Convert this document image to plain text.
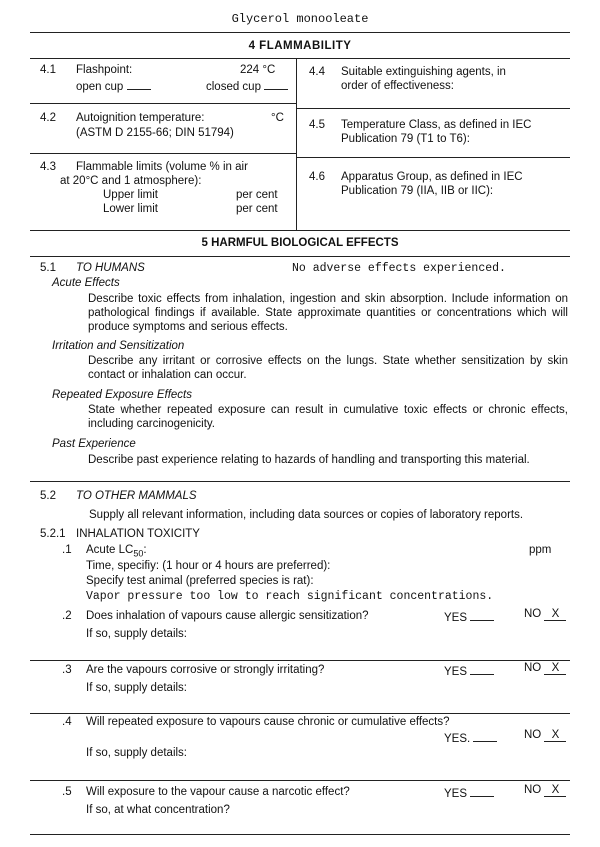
Glycerol monooleate
4 FLAMMABILITY
4.1 Flashpoint:	224 °C
open cup	closed cup
4.2 Autoignition temperature:	°C
(ASTM D 2155-66; DIN 51794)
4.3 Flammable limits (volume % in air
at 20°C and 1 atmosphere):
Upper limit	per cent
Lower limit	per cent
4.4 Suitable extinguishing agents, in
order of effectiveness:
4.5 Temperature Class, as defined in IEC
Publication 79 (T1 to T6):
4.6 Apparatus Group, as defined in IEC
Publication 79 (IIA, IIB or IIC):
5 HARMFUL BIOLOGICAL EFFECTS
5.1 TO HUMANS	No adverse effects experienced.
Acute Effects
Describe toxic effects from inhalation, ingestion and skin absorption. Include information on pathological findings if available. State approximate quantities or concentrations which will produce symptoms and serious effects.
Irritation and Sensitization
Describe any irritant or corrosive effects on the lungs. State whether sensitization by skin contact or inhalation can occur.
Repeated Exposure Effects
State whether repeated exposure can result in cumulative toxic effects or chronic effects, including carcinogenicity.
Past Experience
Describe past experience relating to hazards of handling and transporting this material.
5.2 TO OTHER MAMMALS
Supply all relevant information, including data sources or copies of laboratory reports.
5.2.1 INHALATION TOXICITY
.1 Acute $LC_{50}$:	ppm
Time, specifiy: (1 hour or 4 hours are preferred):
Specify test animal (preferred species is rat):
Vapor pressure too low to reach significant concentrations.
.2 Does inhalation of vapours cause allergic sensitization?	YES	NO X
If so, supply details:
.3 Are the vapours corrosive or strongly irritating?	YES	NO X
If so, supply details:
.4 Will repeated exposure to vapours cause chronic or cumulative effects?
YES.	NO X
If so, supply details:
.5 Will exposure to the vapour cause a narcotic effect?	YES	NO X
If so, at what concentration?
